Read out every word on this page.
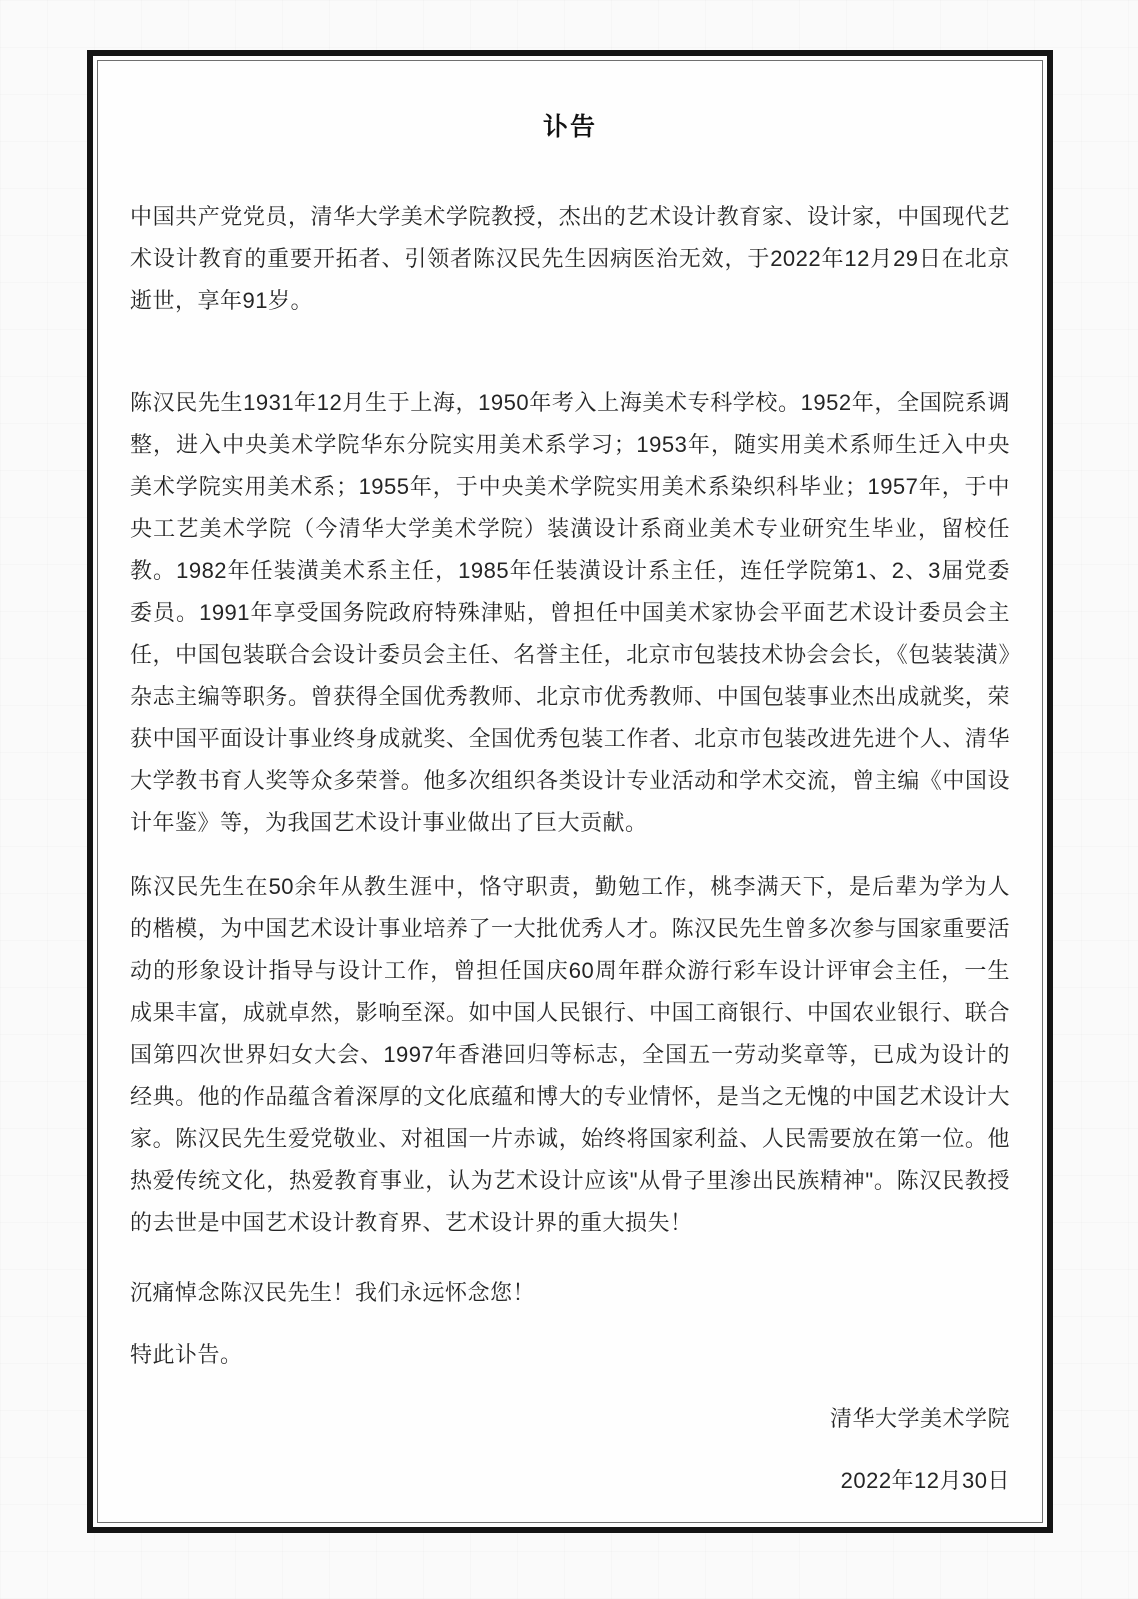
讣告

中国共产党党员，清华大学美术学院教授，杰出的艺术设计教育家、设计家，中国现代艺术设计教育的重要开拓者、引领者陈汉民先生因病医治无效，于2022年12月29日在北京逝世，享年91岁。

陈汉民先生1931年12月生于上海，1950年考入上海美术专科学校。1952年，全国院系调整，进入中央美术学院华东分院实用美术系学习；1953年，随实用美术系师生迁入中央美术学院实用美术系；1955年，于中央美术学院实用美术系染织科毕业；1957年，于中央工艺美术学院（今清华大学美术学院）装潢设计系商业美术专业研究生毕业，留校任教。1982年任装潢美术系主任，1985年任装潢设计系主任，连任学院第1、2、3届党委委员。1991年享受国务院政府特殊津贴，曾担任中国美术家协会平面艺术设计委员会主任，中国包装联合会设计委员会主任、名誉主任，北京市包装技术协会会长，《包装装潢》杂志主编等职务。曾获得全国优秀教师、北京市优秀教师、中国包装事业杰出成就奖，荣获中国平面设计事业终身成就奖、全国优秀包装工作者、北京市包装改进先进个人、清华大学教书育人奖等众多荣誉。他多次组织各类设计专业活动和学术交流，曾主编《中国设计年鉴》等，为我国艺术设计事业做出了巨大贡献。

陈汉民先生在50余年从教生涯中，恪守职责，勤勉工作，桃李满天下，是后辈为学为人的楷模，为中国艺术设计事业培养了一大批优秀人才。陈汉民先生曾多次参与国家重要活动的形象设计指导与设计工作，曾担任国庆60周年群众游行彩车设计评审会主任，一生成果丰富，成就卓然，影响至深。如中国人民银行、中国工商银行、中国农业银行、联合国第四次世界妇女大会、1997年香港回归等标志，全国五一劳动奖章等，已成为设计的经典。他的作品蕴含着深厚的文化底蕴和博大的专业情怀，是当之无愧的中国艺术设计大家。陈汉民先生爱党敬业、对祖国一片赤诚，始终将国家利益、人民需要放在第一位。他热爱传统文化，热爱教育事业，认为艺术设计应该"从骨子里渗出民族精神"。陈汉民教授的去世是中国艺术设计教育界、艺术设计界的重大损失！

沉痛悼念陈汉民先生！我们永远怀念您！

特此讣告。

清华大学美术学院

2022年12月30日
